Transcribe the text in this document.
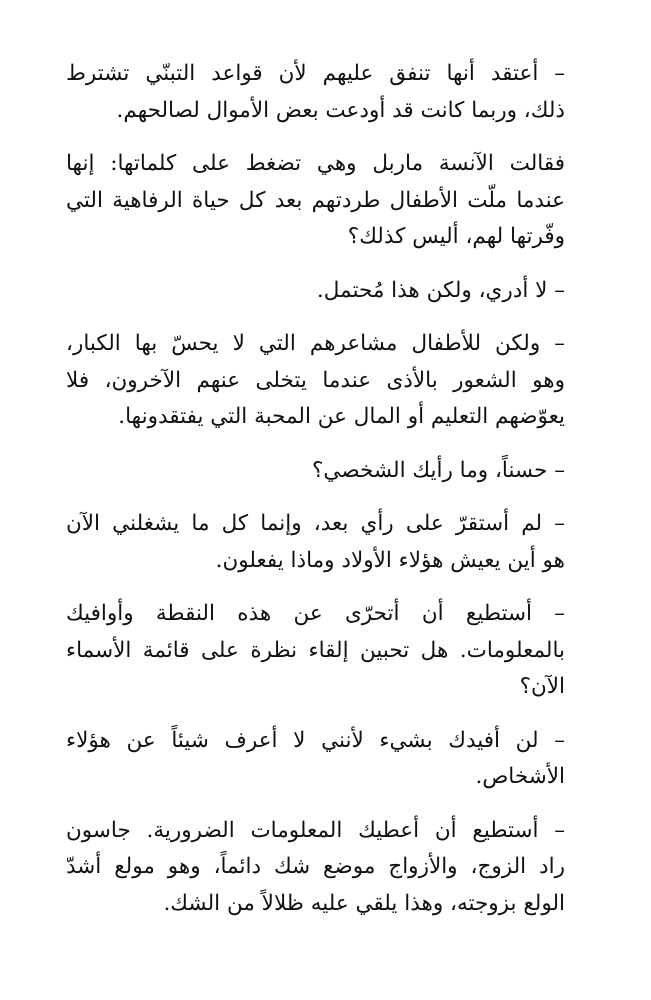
– أعتقد أنها تنفق عليهم لأن قواعد التبنّي تشترط
ذلك، وربما كانت قد أودعت بعض الأموال لصالحهم.

فقالت الآنسة ماربل وهي تضغط على كلماتها: إنها
عندما ملّت الأطفال طردتهم بعد كل حياة الرفاهية التي
وفّرتها لهم، أليس كذلك؟

– لا أدري، ولكن هذا مُحتمل.

– ولكن للأطفال مشاعرهم التي لا يحسّ بها الكبار،
وهو الشعور بالأذى عندما يتخلى عنهم الآخرون، فلا
يعوّضهم التعليم أو المال عن المحبة التي يفتقدونها.

– حسناً، وما رأيك الشخصي؟

– لم أستقرّ على رأي بعد، وإنما كل ما يشغلني الآن
هو أين يعيش هؤلاء الأولاد وماذا يفعلون.

– أستطيع أن أتحرّى عن هذه النقطة وأوافيك
بالمعلومات. هل تحبين إلقاء نظرة على قائمة الأسماء
الآن؟

– لن أفيدك بشيء لأنني لا أعرف شيئاً عن هؤلاء
الأشخاص.

– أستطيع أن أعطيك المعلومات الضرورية. جاسون
راد الزوج، والأزواج موضع شك دائماً، وهو مولع أشدّ
الولع بزوجته، وهذا يلقي عليه ظلالاً من الشك.
